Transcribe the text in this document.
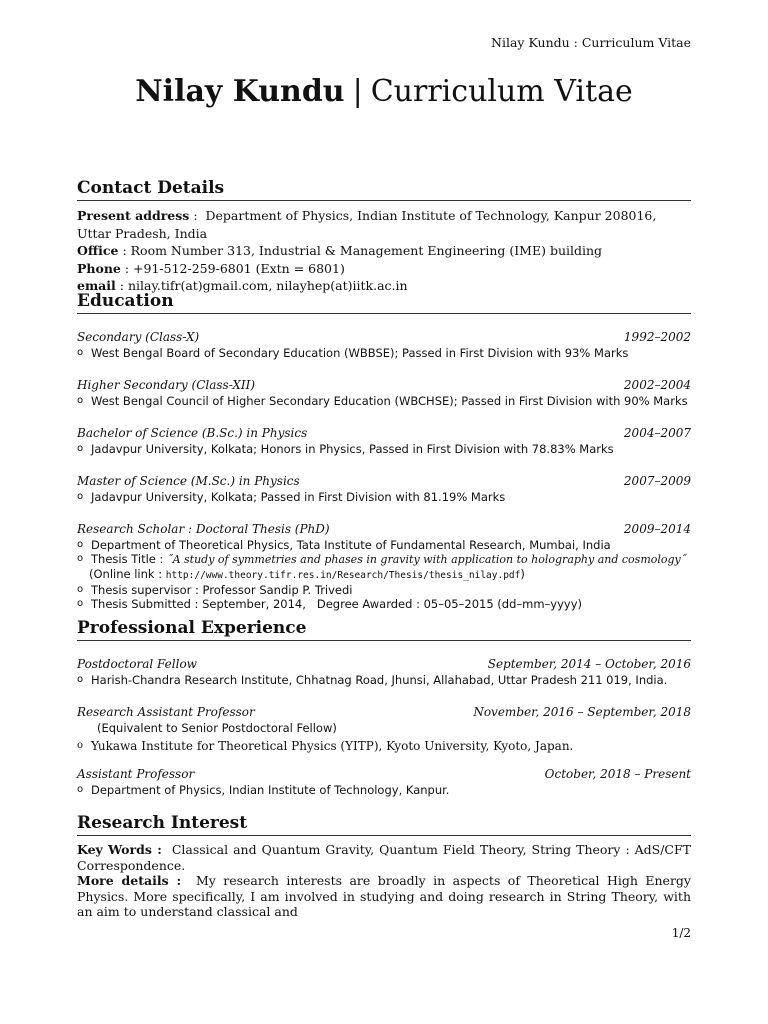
Nilay Kundu : Curriculum Vitae
Nilay Kundu | Curriculum Vitae
Contact Details
Present address :  Department of Physics, Indian Institute of Technology, Kanpur 208016, Uttar Pradesh, India
Office : Room Number 313, Industrial & Management Engineering (IME) building
Phone : +91-512-259-6801 (Extn = 6801)
email : nilay.tifr(at)gmail.com, nilayhep(at)iitk.ac.in
Education
Secondary (Class-X)	1992–2002
o West Bengal Board of Secondary Education (WBBSE); Passed in First Division with 93% Marks
Higher Secondary (Class-XII)	2002–2004
o West Bengal Council of Higher Secondary Education (WBCHSE); Passed in First Division with 90% Marks
Bachelor of Science (B.Sc.) in Physics	2004–2007
o Jadavpur University, Kolkata; Honors in Physics, Passed in First Division with 78.83% Marks
Master of Science (M.Sc.) in Physics	2007–2009
o Jadavpur University, Kolkata; Passed in First Division with 81.19% Marks
Research Scholar : Doctoral Thesis (PhD)	2009–2014
o Department of Theoretical Physics, Tata Institute of Fundamental Research, Mumbai, India
o Thesis Title : ˝A study of symmetries and phases in gravity with application to holography and cosmology˝
(Online link : http://www.theory.tifr.res.in/Research/Thesis/thesis_nilay.pdf)
o Thesis supervisor : Professor Sandip P. Trivedi
o Thesis Submitted : September, 2014, Degree Awarded : 05–05–2015 (dd–mm–yyyy)
Professional Experience
Postdoctoral Fellow	September, 2014 – October, 2016
o Harish-Chandra Research Institute, Chhatnag Road, Jhunsi, Allahabad, Uttar Pradesh 211 019, India.
Research Assistant Professor	November, 2016 – September, 2018
(Equivalent to Senior Postdoctoral Fellow)
o Yukawa Institute for Theoretical Physics (YITP), Kyoto University, Kyoto, Japan.
Assistant Professor	October, 2018 – Present
o Department of Physics, Indian Institute of Technology, Kanpur.
Research Interest
Key Words : Classical and Quantum Gravity, Quantum Field Theory, String Theory : AdS/CFT Correspondence.
More details : My research interests are broadly in aspects of Theoretical High Energy Physics. More specifically, I am involved in studying and doing research in String Theory, with an aim to understand classical and
1/2
